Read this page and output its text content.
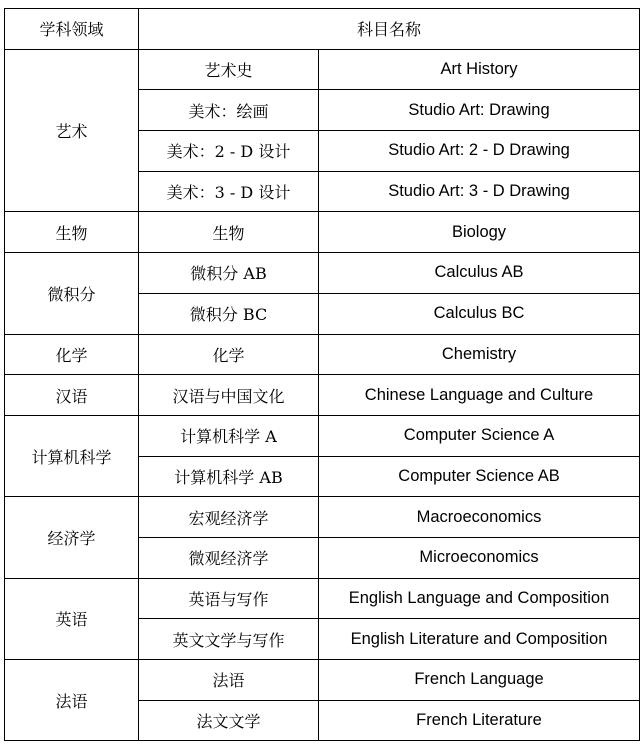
学科领域	科目名称	
艺术	艺术史	Art History
	美术：绘画	Studio Art: Drawing
	美术：2 - D 设计	Studio Art: 2 - D Drawing
	美术：3 - D 设计	Studio Art: 3 - D Drawing
生物	生物	Biology
微积分	微积分 AB	Calculus AB
	微积分 BC	Calculus BC
化学	化学	Chemistry
汉语	汉语与中国文化	Chinese Language and Culture
计算机科学	计算机科学 A	Computer Science A
	计算机科学 AB	Computer Science AB
经济学	宏观经济学	Macroeconomics
	微观经济学	Microeconomics
英语	英语与写作	English Language and Composition
	英文文学与写作	English Literature and Composition
法语	法语	French Language
	法文文学	French Literature
